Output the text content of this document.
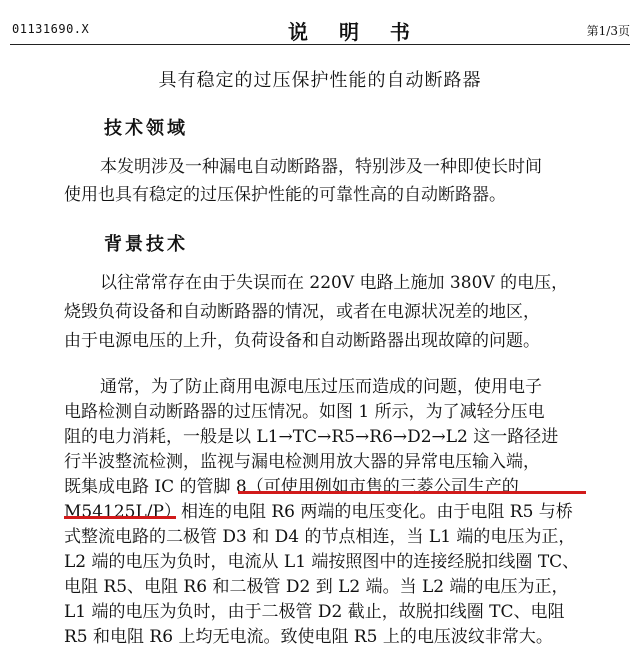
01131690.X	说 明 书	第1/3页
具有稳定的过压保护性能的自动断路器
技术领域
本发明涉及一种漏电自动断路器，特别涉及一种即使长时间
使用也具有稳定的过压保护性能的可靠性高的自动断路器。
背景技术
以往常常存在由于失误而在 220V 电路上施加 380V 的电压，
烧毁负荷设备和自动断路器的情况，或者在电源状况差的地区，
由于电源电压的上升，负荷设备和自动断路器出现故障的问题。
通常，为了防止商用电源电压过压而造成的问题，使用电子
电路检测自动断路器的过压情况。如图 1 所示，为了减轻分压电
阻的电力消耗，一般是以 L1→TC→R5→R6→D2→L2 这一路径进
行半波整流检测，监视与漏电检测用放大器的异常电压输入端，
既集成电路 IC 的管脚 8（可使用例如市售的三菱公司生产的
M54125L/P）相连的电阻 R6 两端的电压变化。由于电阻 R5 与桥
式整流电路的二极管 D3 和 D4 的节点相连，当 L1 端的电压为正，
L2 端的电压为负时，电流从 L1 端按照图中的连接经脱扣线圈 TC、
电阻 R5、电阻 R6 和二极管 D2 到 L2 端。当 L2 端的电压为正，
L1 端的电压为负时，由于二极管 D2 截止，故脱扣线圈 TC、电阻
R5 和电阻 R6 上均无电流。致使电阻 R5 上的电压波纹非常大。
